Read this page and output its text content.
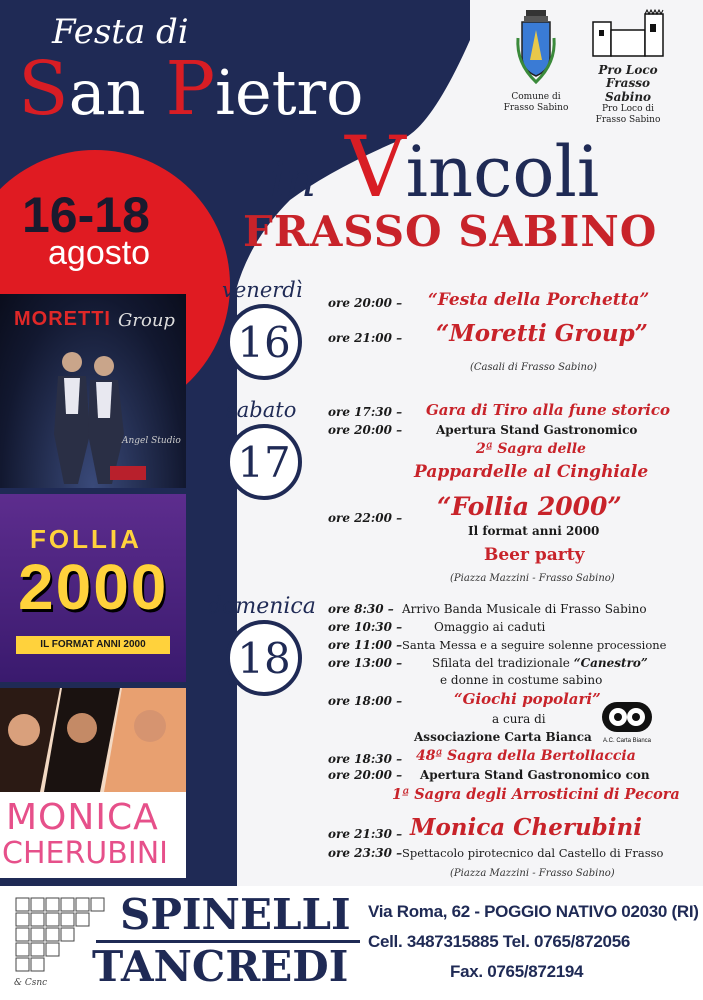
Festa di
San Pietro
in Vincoli
FRASSO SABINO
16-18
agosto
Comune di
Frasso Sabino
Pro Loco
Frasso Sabino
Pro Loco di
Frasso Sabino
MORETTI Group
Angel Studio
FOLLIA
2000
IL FORMAT ANNI 2000
MONICA
CHERUBINI
venerdì
16
sabato
17
domenica
18
ore 20:00 – “Festa della Porchetta”
ore 21:00 – “Moretti Group”
(Casali di Frasso Sabino)
ore 17:30 – Gara di Tiro alla fune storico
ore 20:00 –	Apertura Stand Gastronomico
2ª Sagra delle
Pappardelle al Cinghiale
ore 22:00 – “Follia 2000”
Il format anni 2000
Beer party
(Piazza Mazzini - Frasso Sabino)
ore 8:30 – Arrivo Banda Musicale di Frasso Sabino
ore 10:30 –	Omaggio ai caduti
ore 11:00 – Santa Messa e a seguire solenne processione
ore 13:00 – Sfilata del tradizionale “Canestro”
e donne in costume sabino
ore 18:00 –	“Giochi popolari”
a cura di
Associazione Carta Bianca	A.C. Carta Bianca
ore 18:30 – 48ª Sagra della Bertollaccia
ore 20:00 – Apertura Stand Gastronomico con
1ª Sagra degli Arrosticini di Pecora
ore 21:30 – Monica Cherubini
ore 23:30 – Spettacolo pirotecnico dal Castello di Frasso
(Piazza Mazzini - Frasso Sabino)
& Csnc
SPINELLI
TANCREDI
Via Roma, 62 - POGGIO NATIVO 02030 (RI)
Cell. 3487315885 Tel. 0765/872056
Fax. 0765/872194
